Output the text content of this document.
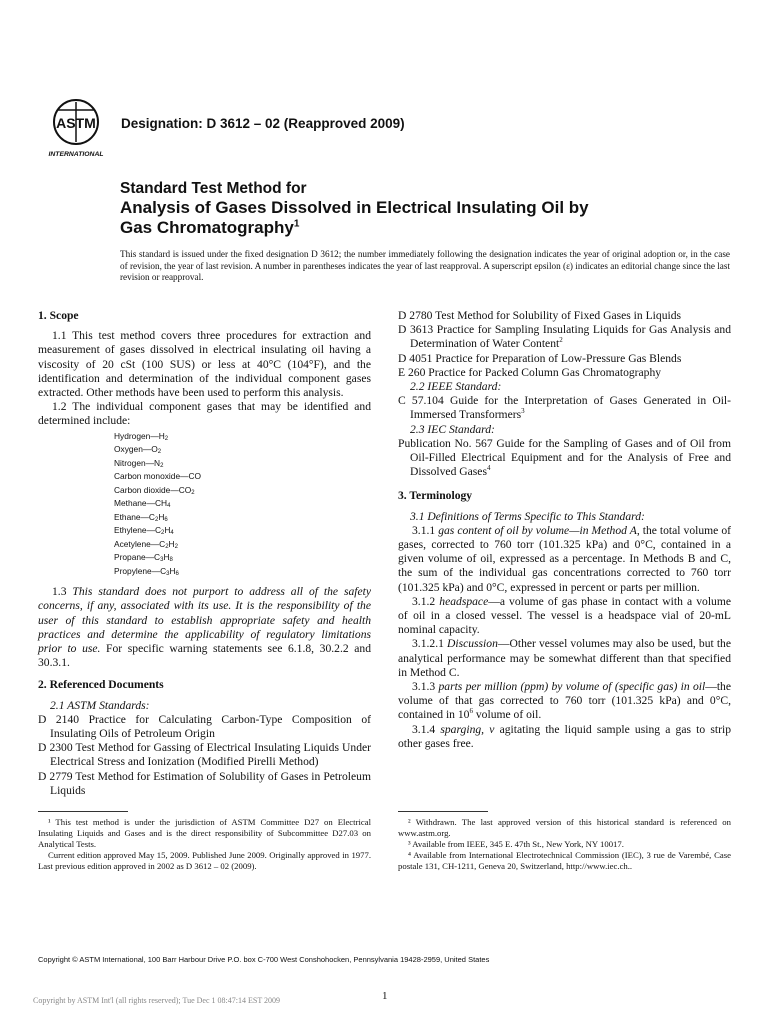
ASTM
INTERNATIONAL
Designation: D 3612 – 02 (Reapproved 2009)
Standard Test Method for
Analysis of Gases Dissolved in Electrical Insulating Oil by
Gas Chromatography$^1$
This standard is issued under the fixed designation D 3612; the number immediately following the designation indicates the year of original adoption or, in the case of revision, the year of last revision. A number in parentheses indicates the year of last reapproval. A superscript epsilon (ε) indicates an editorial change since the last revision or reapproval.

1. Scope

1.1 This test method covers three procedures for extraction and measurement of gases dissolved in electrical insulating oil having a viscosity of 20 cSt (100 SUS) or less at 40°C (104°F), and the identification and determination of the individual component gases extracted. Other methods have been used to perform this analysis.

1.2 The individual component gases that may be identified and determined include:

$Hydrogen—H_2$
$Oxygen—O_2$
$Nitrogen—N_2$
Carbon monoxide—CO
Carbon $dioxide—CO_2$
$Methane—CH_4$
$Ethane—C_2H_6$
$Ethylene—C_2H_4$
$Acetylene—C_2H_2$
$Propane—C_3H_8$
$Propylene—C_3H_6$

1.3 This standard does not purport to address all of the safety concerns, if any, associated with its use. It is the responsibility of the user of this standard to establish appropriate safety and health practices and determine the applicability of regulatory limitations prior to use. For specific warning statements see 6.1.8, 30.2.2 and 30.3.1.

2. Referenced Documents

2.1 ASTM Standards:

D 2140 Practice for Calculating Carbon-Type Composition of Insulating Oils of Petroleum Origin

D 2300 Test Method for Gassing of Electrical Insulating Liquids Under Electrical Stress and Ionization (Modified Pirelli Method)

D 2779 Test Method for Estimation of Solubility of Gases in Petroleum Liquids

D 2780 Test Method for Solubility of Fixed Gases in Liquids

D 3613 Practice for Sampling Insulating Liquids for Gas Analysis and Determination of Water Content$^2$

D 4051 Practice for Preparation of Low-Pressure Gas Blends

E 260 Practice for Packed Column Gas Chromatography

2.2 IEEE Standard:

C 57.104 Guide for the Interpretation of Gases Generated in Oil-Immersed Transformers$^3$

2.3 IEC Standard:

Publication No. 567 Guide for the Sampling of Gases and of Oil from Oil-Filled Electrical Equipment and for the Analysis of Free and Dissolved Gases$^4$

3. Terminology

3.1 Definitions of Terms Specific to This Standard:

3.1.1 gas content of oil by volume—in Method A, the total volume of gases, corrected to 760 torr (101.325 kPa) and 0°C, contained in a given volume of oil, expressed as a percentage. In Methods B and C, the sum of the individual gas concentrations corrected to 760 torr (101.325 kPa) and 0°C, expressed in percent or parts per million.

3.1.2 headspace—a volume of gas phase in contact with a volume of oil in a closed vessel. The vessel is a headspace vial of 20-mL nominal capacity.

3.1.2.1 Discussion—Other vessel volumes may also be used, but the analytical performance may be somewhat different than that specified in Method C.

3.1.3 parts per million (ppm) by volume of (specific gas) in oil—the volume of that gas corrected to 760 torr (101.325 kPa) and 0°C, contained in $10^6$ volume of oil.

3.1.4 sparging, v agitating the liquid sample using a gas to strip other gases free.

¹ This test method is under the jurisdiction of ASTM Committee D27 on Electrical Insulating Liquids and Gases and is the direct responsibility of Subcommittee D27.03 on Analytical Tests.

Current edition approved May 15, 2009. Published June 2009. Originally approved in 1977. Last previous edition approved in 2002 as D 3612 – 02 (2009).

² Withdrawn. The last approved version of this historical standard is referenced on www.astm.org.

³ Available from IEEE, 345 E. 47th St., New York, NY 10017.

⁴ Available from International Electrotechnical Commission (IEC), 3 rue de Varembé, Case postale 131, CH-1211, Geneva 20, Switzerland, http://www.iec.ch..

Copyright © ASTM International, 100 Barr Harbour Drive P.O. box C-700 West Conshohocken, Pennsylvania 19428-2959, United States
1
Copyright by ASTM Int'l (all rights reserved); Tue Dec 1 08:47:14 EST 2009
